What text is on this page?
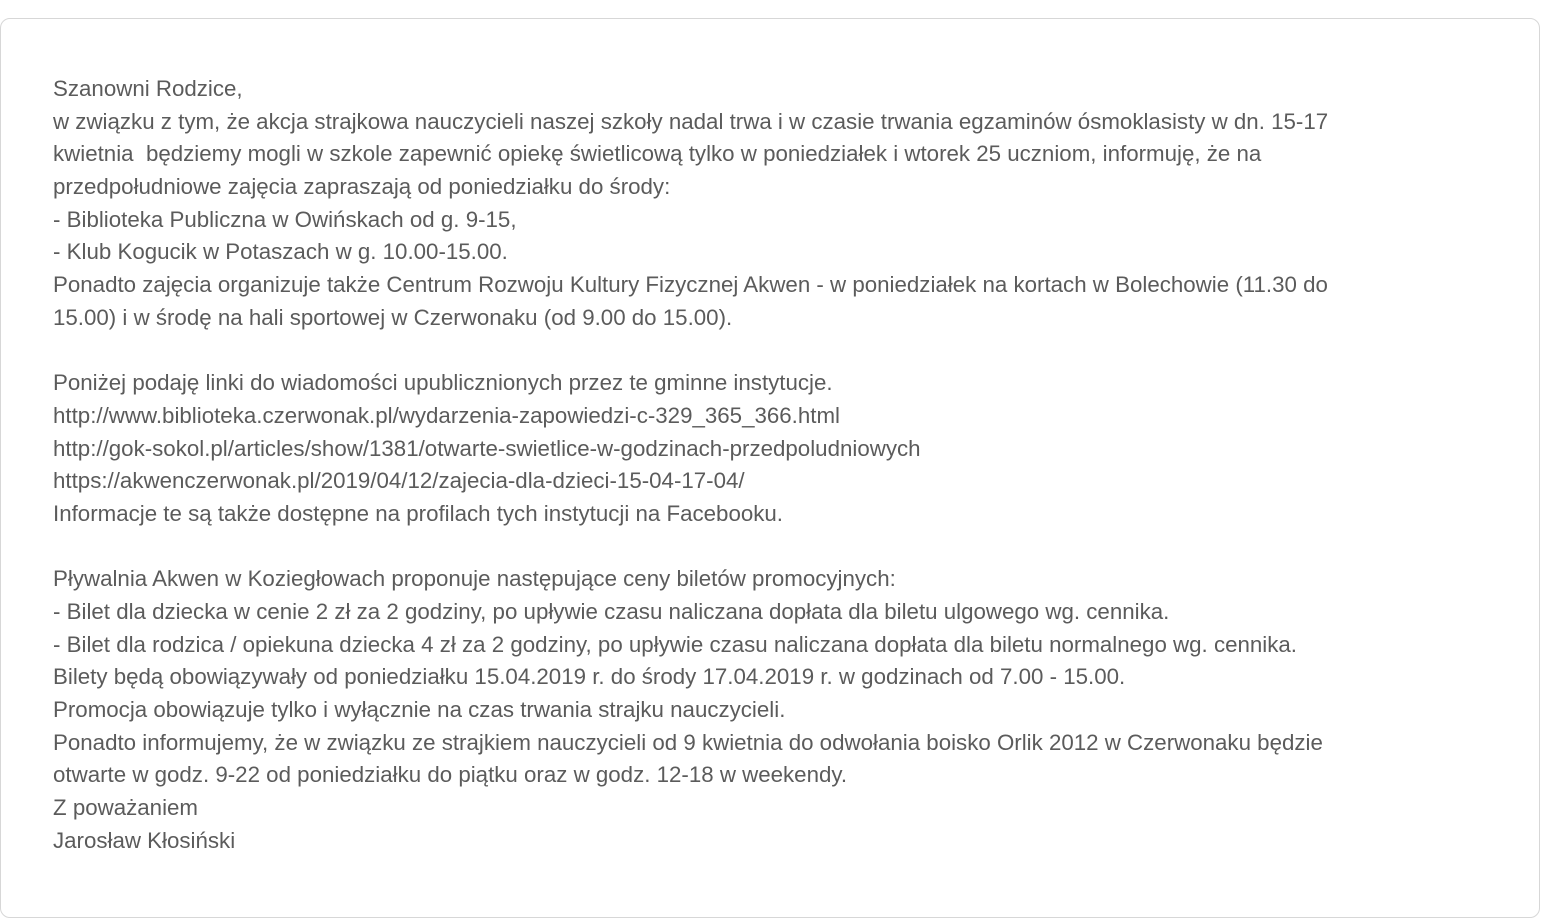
Szanowni Rodzice,

w związku z tym, że akcja strajkowa nauczycieli naszej szkoły nadal trwa i w czasie trwania egzaminów ósmoklasisty w dn. 15-17

kwietnia  będziemy mogli w szkole zapewnić opiekę świetlicową tylko w poniedziałek i wtorek 25 uczniom, informuję, że na

przedpołudniowe zajęcia zapraszają od poniedziałku do środy:

- Biblioteka Publiczna w Owińskach od g. 9-15,

- Klub Kogucik w Potaszach w g. 10.00-15.00.

Ponadto zajęcia organizuje także Centrum Rozwoju Kultury Fizycznej Akwen - w poniedziałek na kortach w Bolechowie (11.30 do

15.00) i w środę na hali sportowej w Czerwonaku (od 9.00 do 15.00).

Poniżej podaję linki do wiadomości upublicznionych przez te gminne instytucje.

http://www.biblioteka.czerwonak.pl/wydarzenia-zapowiedzi-c-329_365_366.html

http://gok-sokol.pl/articles/show/1381/otwarte-swietlice-w-godzinach-przedpoludniowych

https://akwenczerwonak.pl/2019/04/12/zajecia-dla-dzieci-15-04-17-04/

Informacje te są także dostępne na profilach tych instytucji na Facebooku.

Pływalnia Akwen w Koziegłowach proponuje następujące ceny biletów promocyjnych:

- Bilet dla dziecka w cenie 2 zł za 2 godziny, po upływie czasu naliczana dopłata dla biletu ulgowego wg. cennika.

- Bilet dla rodzica / opiekuna dziecka 4 zł za 2 godziny, po upływie czasu naliczana dopłata dla biletu normalnego wg. cennika.

Bilety będą obowiązywały od poniedziałku 15.04.2019 r. do środy 17.04.2019 r. w godzinach od 7.00 - 15.00.

Promocja obowiązuje tylko i wyłącznie na czas trwania strajku nauczycieli.

Ponadto informujemy, że w związku ze strajkiem nauczycieli od 9 kwietnia do odwołania boisko Orlik 2012 w Czerwonaku będzie

otwarte w godz. 9-22 od poniedziałku do piątku oraz w godz. 12-18 w weekendy.

Z poważaniem

Jarosław Kłosiński
